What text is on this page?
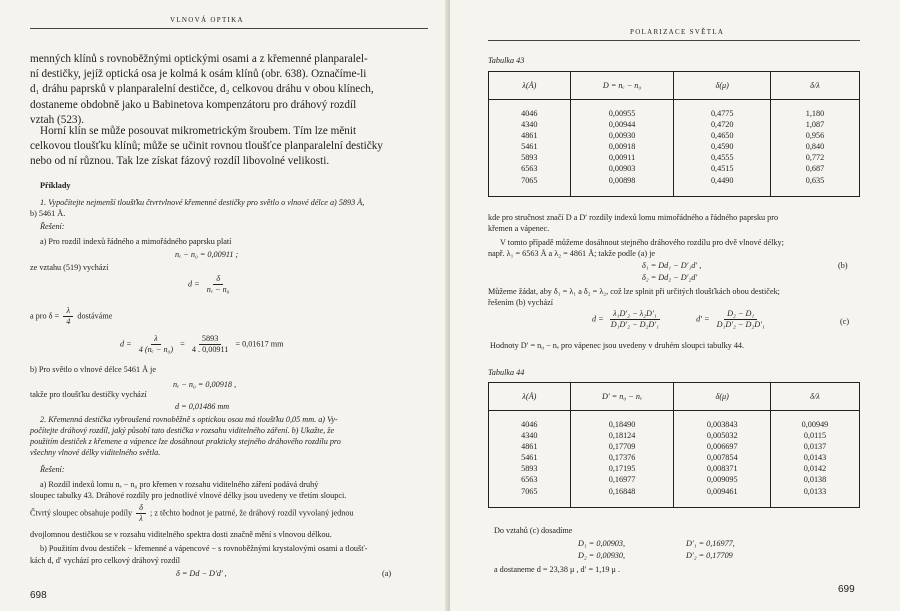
VLNOVÁ OPTIKA
menných klínů s rovnoběžnými optickými osami a z křemenné planparalel-
ní destičky, jejíž optická osa je kolmá k osám klínů (obr. 638). Označíme-li
d₁ dráhu paprsků v planparalelní destičce, d₂ celkovou dráhu v obou klínech,
dostaneme obdobně jako u Babinetova kompenzátoru pro dráhový rozdíl
vztah (523).
Horní klín se může posouvat mikrometrickým šroubem. Tím lze měnit
celkovou tloušťku klínů; může se učinit rovnou tloušťce planparalelní destičky
nebo od ní různou. Tak lze získat fázový rozdíl libovolné velikosti.
Příklady
1. Vypočítejte nejmenší tloušťku čtvrtvlnové křemenné destičky pro světlo o vlnové délce a) 5893 Å,
b) 5461 Å.
Řešení:
a) Pro rozdíl indexů řádného a mimořádného paprsku platí
nₑ − n₀ = 0,00911 ;
ze vztahu (519) vychází
$d = \frac{\delta}{\text{nₑ − n₀}}$
a pro $\delta = \frac{\lambda}{4}$ dostáváme
$d = \frac{\lambda}{\text{4 (nₑ − n₀)}} = \frac{5893}{4 . 0,00911} = 0,01617$ mm
b) Pro světlo o vlnové délce 5461 Å je
nₑ − n₀ = 0,00918 ,
takže pro tloušťku destičky vychází
d = 0,01486 mm
2. Křemenná destička vybroušená rovnoběžně s optickou osou má tloušťku 0,05 mm. a) Vy-
počítejte dráhový rozdíl, jaký působí tato destička v rozsahu viditelného záření. b) Ukažte, že
použitím destiček z křemene a vápence lze dosáhnout prakticky stejného dráhového rozdílu pro
všechny vlnové délky viditelného světla.
Řešení:
a) Rozdíl indexů lomu nₑ − n₀ pro křemen v rozsahu viditelného záření podává druhý
sloupec tabulky 43. Dráhové rozdíly pro jednotlivé vlnové délky jsou uvedeny ve třetím sloupci.
Čtvrtý sloupec obsahuje podíly $\frac{\delta}{\lambda}$ ; z těchto hodnot je patrné, že dráhový rozdíl vyvolaný jednou
dvojlomnou destičkou se v rozsahu viditelného spektra dosti značně mění s vlnovou délkou.
b) Použitím dvou destiček − křemenné a vápencové − s rovnoběžnými krystalovými osami a tloušť-
kách d, d′ vychází pro celkový dráhový rozdíl
δ = Dd − D′d′ ,	(a)
698
POLARIZACE SVĚTLA
Tabulka 43
λ(Å)	D = nₑ − n₀	δ(μ)	δ/λ
4046	0,00955	0,4775	1,180
4340	0,00944	0,4720	1,087
4861	0,00930	0,4650	0,956
5461	0,00918	0,4590	0,840
5893	0,00911	0,4555	0,772
6563	0,00903	0,4515	0,687
7065	0,00898	0,4490	0,635
kde pro stručnost značí D a D′ rozdíly indexů lomu mimořádného a řádného paprsku pro
křemen a vápenec.
V tomto případě můžeme dosáhnout stejného dráhového rozdílu pro dvě vlnové délky;
např. λ₁ = 6563 Å a λ₂ = 4861 Å; takže podle (a) je
δ₁ = Dd₁ − D′₁d′ ,
δ₂ = Dd₂ − D′₂d′
(b)
Můžeme žádat, aby δ₁ = λ₁ a δ₂ = λ₂, což lze splnit při určitých tloušťkách obou destiček;
řešením (b) vychází
$d = \frac{\text{λ₁D′₂ − λ₂D′₁}}{\text{D₁D′₂ − D₂D′₁}}$	$d' = \frac{\text{D₂ − D₁}}{\text{D₁D′₂ − D₂D′₁}}$	(c)
Hodnoty D′ = n₀ − nₑ pro vápenec jsou uvedeny v druhém sloupci tabulky 44.
Tabulka 44
λ(Å)	D′ = n₀ − nₑ	δ(μ)	δ/λ
4046	0,18490	0,003843	0,00949
4340	0,18124	0,005032	0,0115
4861	0,17709	0,006697	0,0137
5461	0,17376	0,007854	0,0143
5893	0,17195	0,008371	0,0142
6563	0,16977	0,009095	0,0138
7065	0,16848	0,009461	0,0133
Do vztahů (c) dosadíme
D₁ = 0,00903,	D′₁ = 0,16977,
D₂ = 0,00930,	D′₂ = 0,17709
a dostaneme d = 23,38 μ , d′ = 1,19 μ .
699
